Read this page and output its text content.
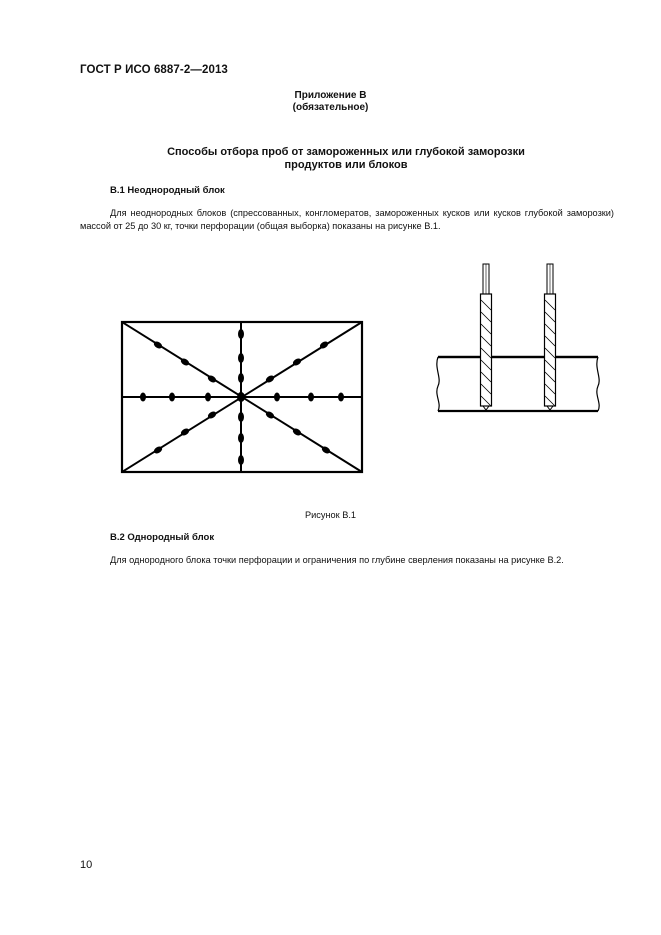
ГОСТ Р ИСО 6887-2—2013
Приложение В
(обязательное)
Способы отбора проб от замороженных или глубокой заморозки
продуктов или блоков
В.1 Неоднородный блок
Для неоднородных блоков (спрессованных, конгломератов, замороженных кусков или кусков глубокой заморозки) массой от 25 до 30 кг, точки перфорации (общая выборка) показаны на рисунке В.1.
Рисунок В.1
В.2 Однородный блок
Для однородного блока точки перфорации и ограничения по глубине сверления показаны на рисунке В.2.
10
